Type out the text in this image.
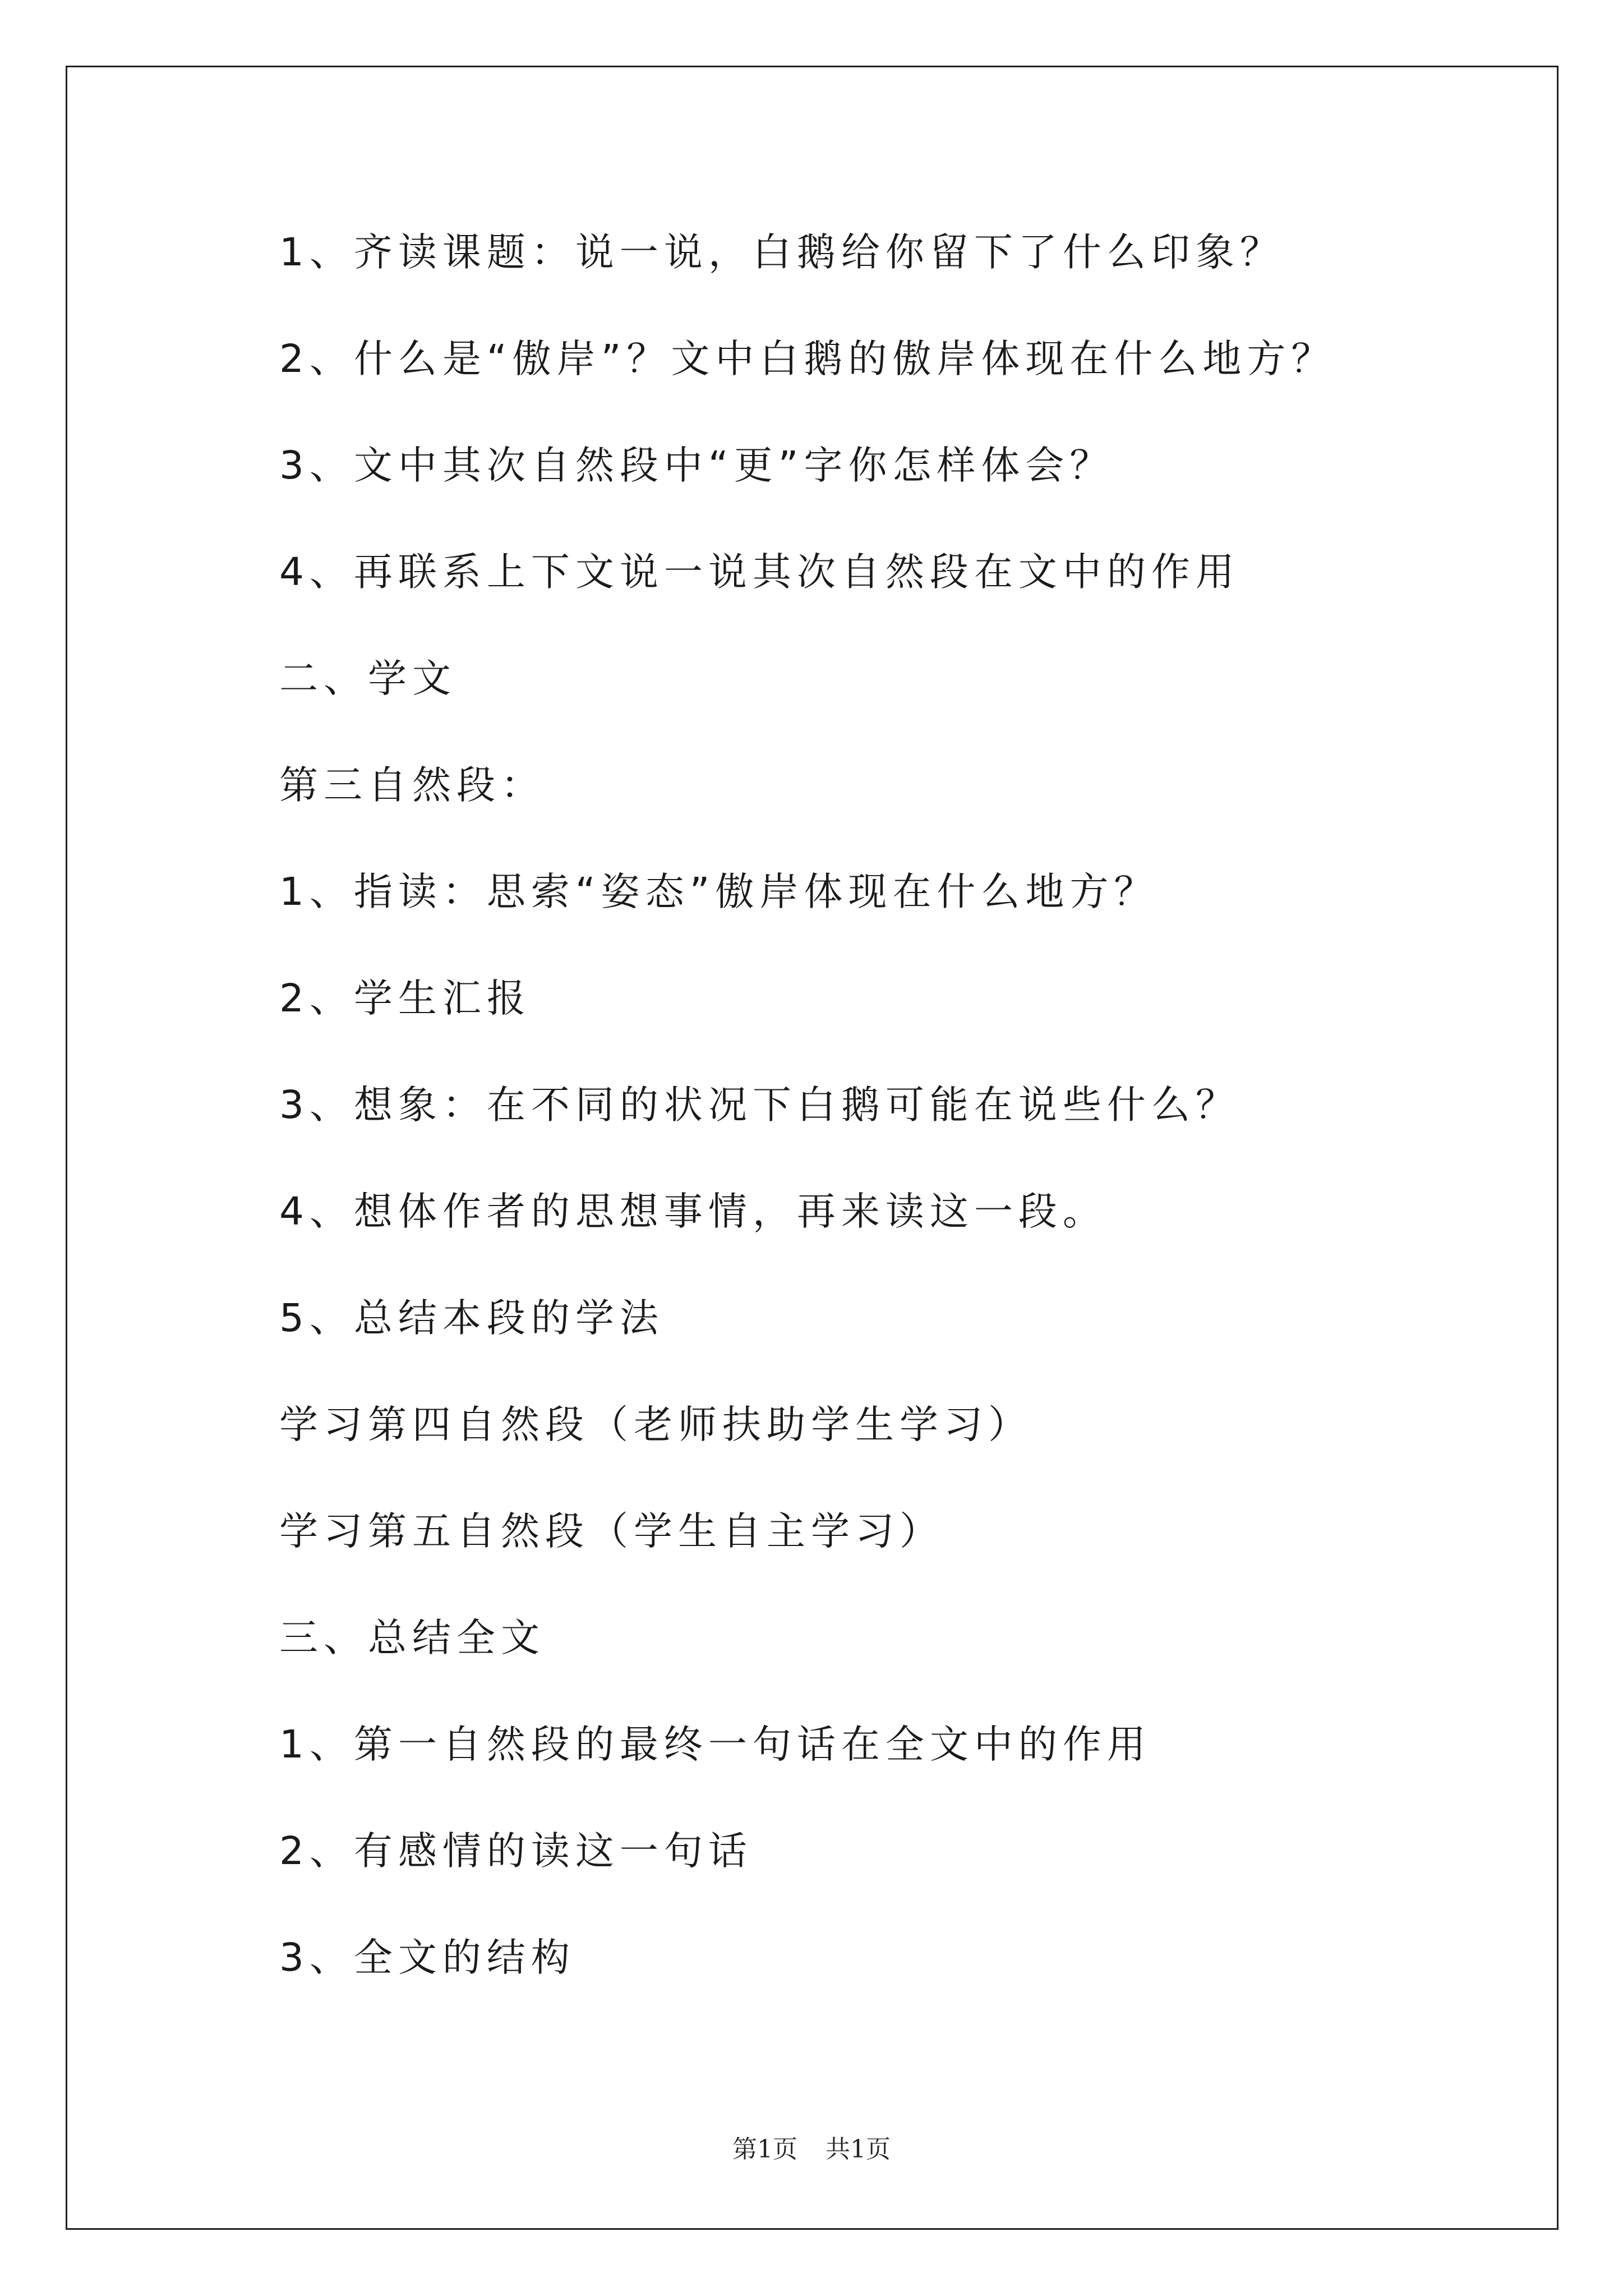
1、齐读课题：说一说，白鹅给你留下了什么印象？
2、什么是“傲岸”？文中白鹅的傲岸体现在什么地方？
3、文中其次自然段中“更”字你怎样体会？
4、再联系上下文说一说其次自然段在文中的作用
二、学文
第三自然段：
1、指读：思索“姿态”傲岸体现在什么地方？
2、学生汇报
3、想象：在不同的状况下白鹅可能在说些什么？
4、想体作者的思想事情，再来读这一段。
5、总结本段的学法
学习第四自然段（老师扶助学生学习）
学习第五自然段（学生自主学习）
三、总结全文
1、第一自然段的最终一句话在全文中的作用
2、有感情的读这一句话
3、全文的结构
第1页 共1页
